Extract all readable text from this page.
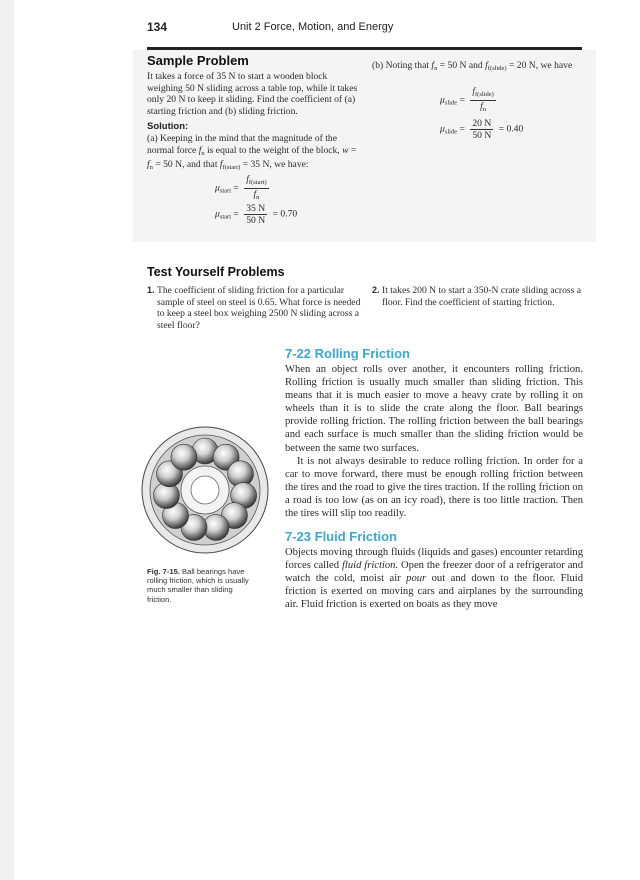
134	Unit 2 Force, Motion, and Energy
Sample Problem
It takes a force of 35 N to start a wooden block weighing 50 N sliding across a table top, while it takes only 20 N to keep it sliding. Find the coefficient of (a) starting friction and (b) sliding friction.
Solution:
(a) Keeping in the mind that the magnitude of the normal force $f_n$ is equal to the weight of the block, $w = f_n = 50$ N, and that $f_{f(start)} = 35$ N, we have:
$\mu_{start} = \frac{f_{f(start)}}{f_n}$
$\mu_{start} = \frac{35 N}{50 N} = 0.70$
(b) Noting that $f_n = 50$ N and $f_{f(slide)} = 20$ N, we have
$\mu_{slide} = \frac{f_{f(slide)}}{f_n}$
$\mu_{slide} = \frac{20 N}{50 N} = 0.40$
Test Yourself Problems
1. The coefficient of sliding friction for a particular sample of steel on steel is 0.65. What force is needed to keep a steel box weighing 2500 N sliding across a steel floor?
2. It takes 200 N to start a 350-N crate sliding across a floor. Find the coefficient of starting friction.
7-22 Rolling Friction

When an object rolls over another, it encounters rolling friction. Rolling friction is usually much smaller than sliding friction. This means that it is much easier to move a heavy crate by rolling it on wheels than it is to slide the crate along the floor. Ball bearings provide rolling friction. The rolling friction between the ball bearings and each surface is much smaller than the sliding friction would be between the same two surfaces.

It is not always desirable to reduce rolling friction. In order for a car to move forward, there must be enough rolling friction between the tires and the road to give the tires traction. If the rolling friction on a road is too low (as on an icy road), there is too little traction. Then the tires will slip too readily.

Fig. 7-15. Ball bearings have rolling friction, which is usually much smaller than sliding friction.
7-23 Fluid Friction

Objects moving through fluids (liquids and gases) encounter retarding forces called fluid friction. Open the freezer door of a refrigerator and watch the cold, moist air pour out and down to the floor. Fluid friction is exerted on moving cars and airplanes by the surrounding air. Fluid friction is exerted on boats as they move
